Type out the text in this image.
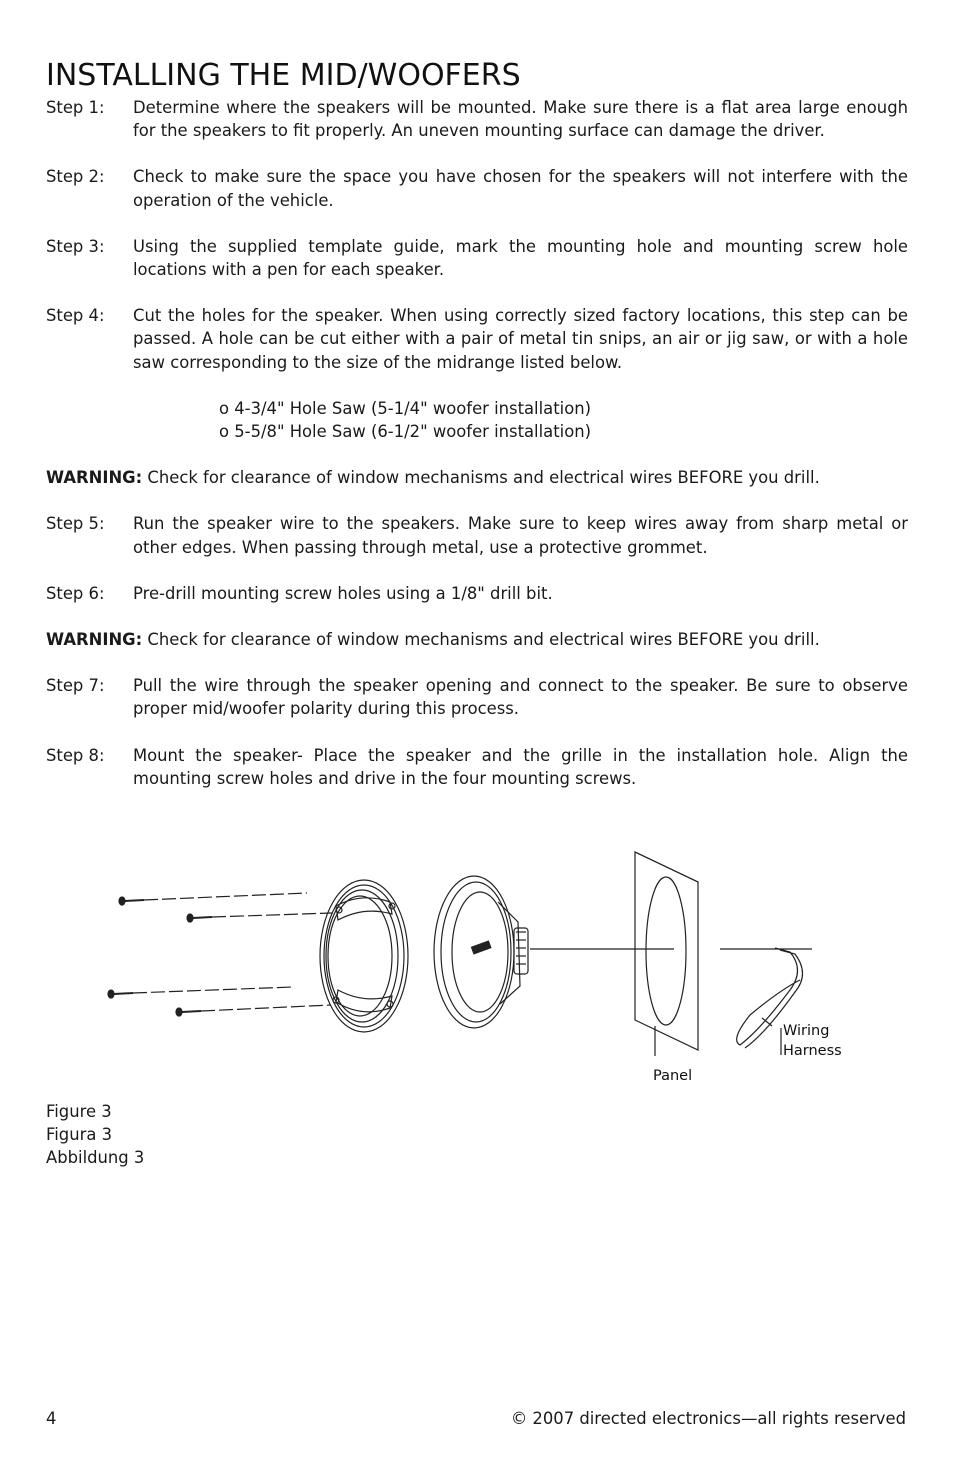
INSTALLING THE MID/WOOFERS
Step 1:	Determine where the speakers will be mounted. Make sure there is a flat area large enough for the speakers to fit properly. An uneven mounting surface can damage the driver.
Step 2:	Check to make sure the space you have chosen for the speakers will not interfere with the operation of the vehicle.
Step 3:	Using the supplied template guide, mark the mounting hole and mounting screw hole locations with a pen for each speaker.
Step 4:	Cut the holes for the speaker. When using correctly sized factory locations, this step can be passed. A hole can be cut either with a pair of metal tin snips, an air or jig saw, or with a hole saw corresponding to the size of the midrange listed below.
o 4-3/4" Hole Saw (5-1/4" woofer installation)
o 5-5/8" Hole Saw (6-1/2" woofer installation)
WARNING: Check for clearance of window mechanisms and electrical wires BEFORE you drill.
Step 5:	Run the speaker wire to the speakers. Make sure to keep wires away from sharp metal or other edges. When passing through metal, use a protective grommet.
Step 6:	Pre-drill mounting screw holes using a 1/8" drill bit.
WARNING: Check for clearance of window mechanisms and electrical wires BEFORE you drill.
Step 7:	Pull the wire through the speaker opening and connect to the speaker. Be sure to observe proper mid/woofer polarity during this process.
Step 8:	Mount the speaker- Place the speaker and the grille in the installation hole. Align the mounting screw holes and drive in the four mounting screws.
Panel
Wiring
Harness
Figure 3
Figura 3
Abbildung 3
4	© 2007 directed electronics—all rights reserved
